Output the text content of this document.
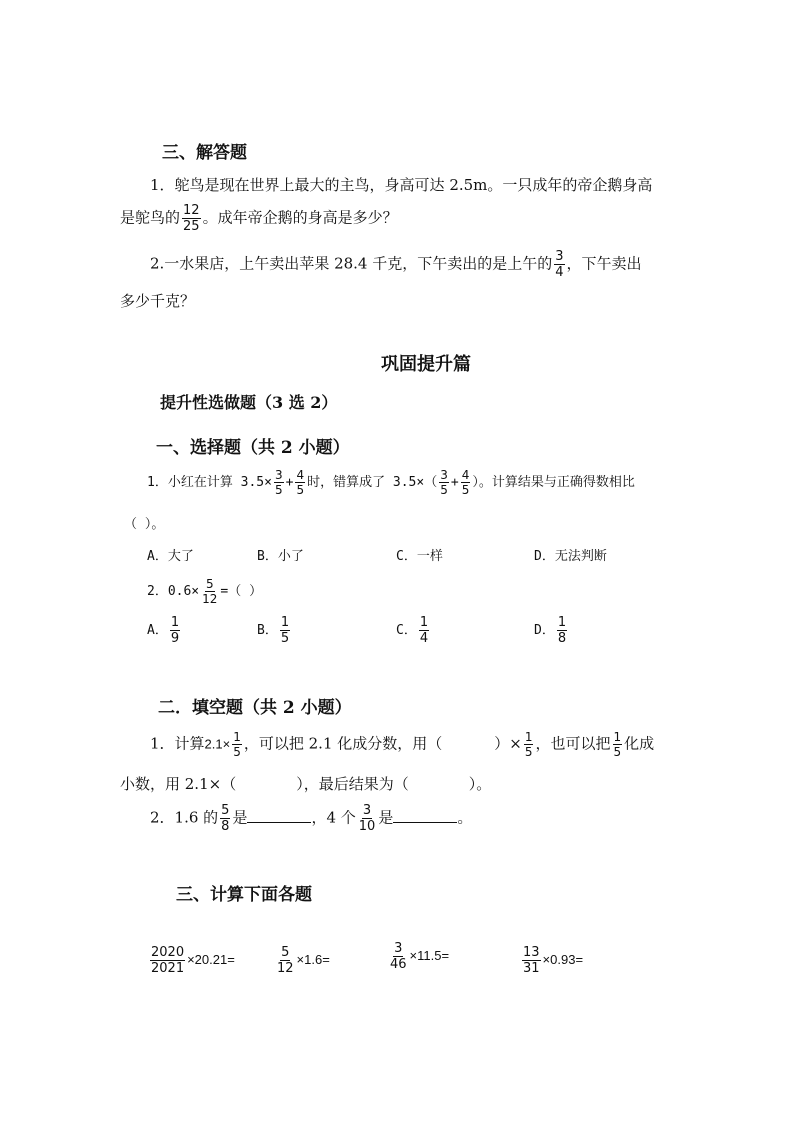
三、解答题
1．鸵鸟是现在世界上最大的主鸟，身高可达 2.5m。一只成年的帝企鹅身高
是鸵鸟的 $\frac{12}{25}$ 。成年帝企鹅的身高是多少？
2.一水果店，上午卖出苹果 28.4 千克，下午卖出的是上午的 $\frac{3}{4}$ ，下午卖出
多少千克？
巩固提升篇
提升性选做题（3 选 2）
一、选择题（共 2 小题）
1．小红在计算 $3.5\times \frac{3}{5} + \frac{4}{5}$ 时，错算成了 $3.5\times( \frac{3}{5} + \frac{4}{5}$ ）。计算结果与正确得数相比
（ ）。
A．大了	B．小了	C．一样	D．无法判断
2．$0.6\times \frac{5}{12}$ =（ ）
A． $\frac{1}{9}$	B． $\frac{1}{5}$	C． $\frac{1}{4}$	D． $\frac{1}{8}$
二．填空题（共 2 小题）
1．计算$2.1\times \frac{1}{5}$ ，可以把 2.1 化成分数，用（	）× $\frac{1}{5}$ ，也可以把 $\frac{1}{5}$ 化成
小数，用 2.1×（	），最后结果为（	）。
2．1.6 的 $\frac{5}{8}$ 是	，4 个 $\frac{3}{10}$ 是	。
三、计算下面各题
$\frac{2020}{2021} \times 20.21=$	$\frac{5}{12} \times 1.6=$	$\frac{3}{46} \times 11.5=$	$\frac{13}{31} \times 0.93=$
